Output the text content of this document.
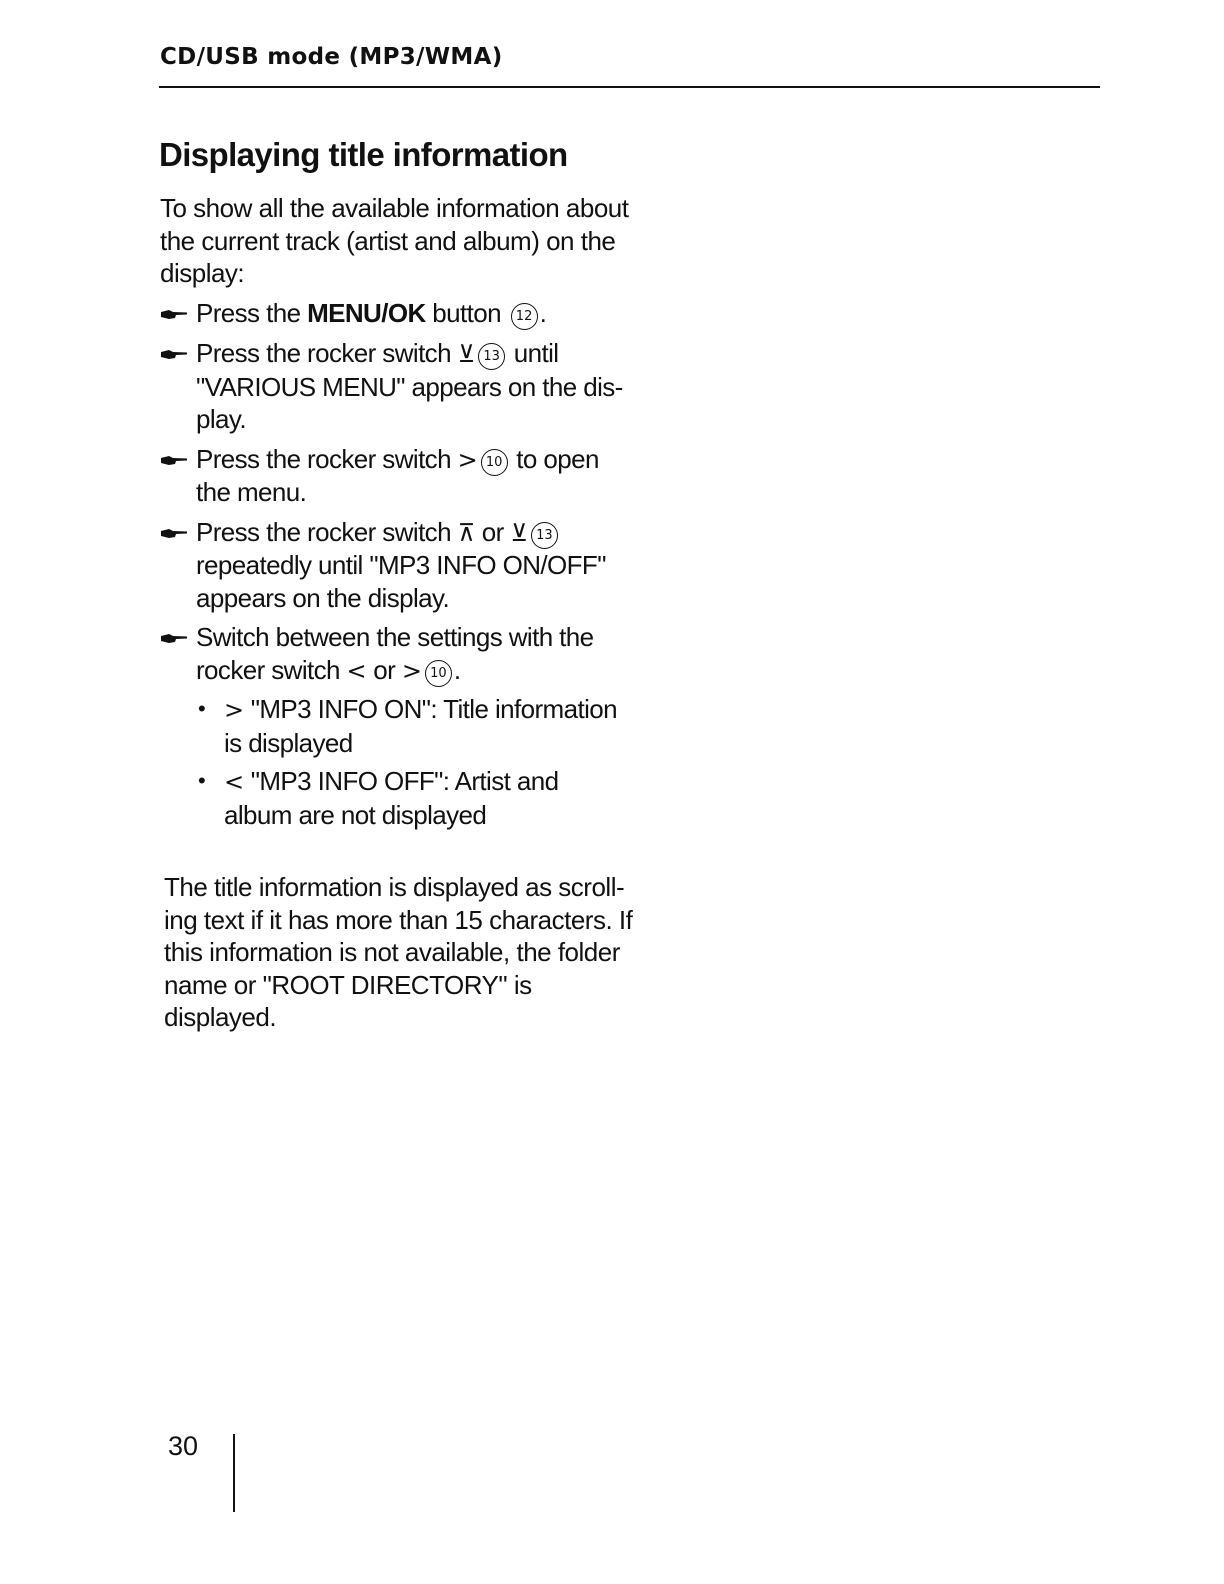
CD/USB mode (MP3/WMA)
Displaying title information

To show all the available information about the current track (artist and album) on the display:

Press the MENU/OK button 12 .
Press the rocker switch ⊻ 13 until "VARIOUS MENU" appears on the dis-play.
Press the rocker switch > 10 to open the menu.
Press the rocker switch ⊼ or ⊻ 13 repeatedly until "MP3 INFO ON/OFF" appears on the display.
Switch between the settings with the rocker switch < or > 10 .
• > "MP3 INFO ON": Title information is displayed
• < "MP3 INFO OFF": Artist and album are not displayed

The title information is displayed as scroll-ing text if it has more than 15 characters. If this information is not available, the folder name or "ROOT DIRECTORY" is displayed.

30
